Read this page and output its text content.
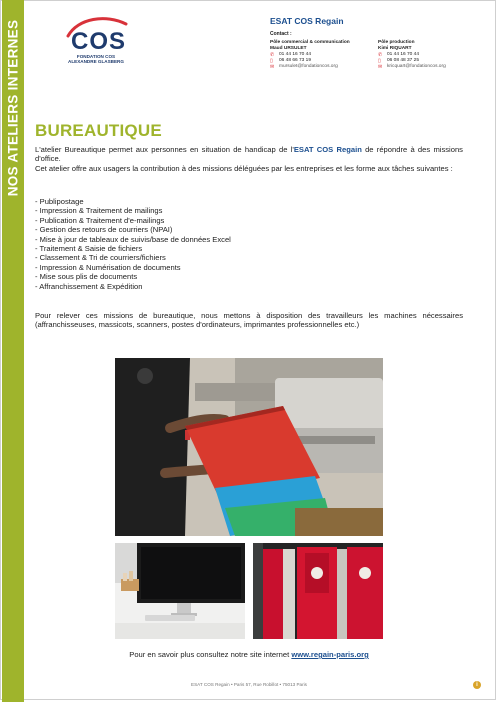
NOS ATELIERS INTERNES COS
FONDATION COS
ALEXANDRE GLASBERG
ESAT COS Regain
Contact :
Pôle commercial & communication
Maud URSULET
✆ 01 44 16 70 44
▯	06 48 66 73 19
✉ mursulet@fondationcos.org
Pôle production
Kimi RIQUART
✆ 01 44 16 70 44
▯	06 08 48 37 25
✉ kricquart@fondationcos.org
BUREAUTIQUE
L'atelier Bureautique permet aux personnes en situation de handicap de l'ESAT COS Regain de répondre à des missions d'office.
Cet atelier offre aux usagers la contribution à des missions déléguées par les entreprises et les forme aux tâches suivantes :
- Publipostage
- Impression & Traitement de mailings
- Publication & Traitement d'e-mailings
- Gestion des retours de courriers (NPAI)
- Mise à jour de tableaux de suivis/base de données Excel
- Traitement & Saisie de fichiers
- Classement & Tri de courriers/fichiers
- Impression & Numérisation de documents
- Mise sous plis de documents
- Affranchissement & Expédition
Pour relever ces missions de bureautique, nous mettons à disposition des travailleurs les machines nécessaires (affranchisseuses, massicots, scanners, postes d'ordinateurs, imprimantes professionnelles etc.)
Pour en savoir plus consultez notre site internet www.regain-paris.org
ESAT COS Regain • Paris 57, Rue Robillot • 75013 Paris	i
